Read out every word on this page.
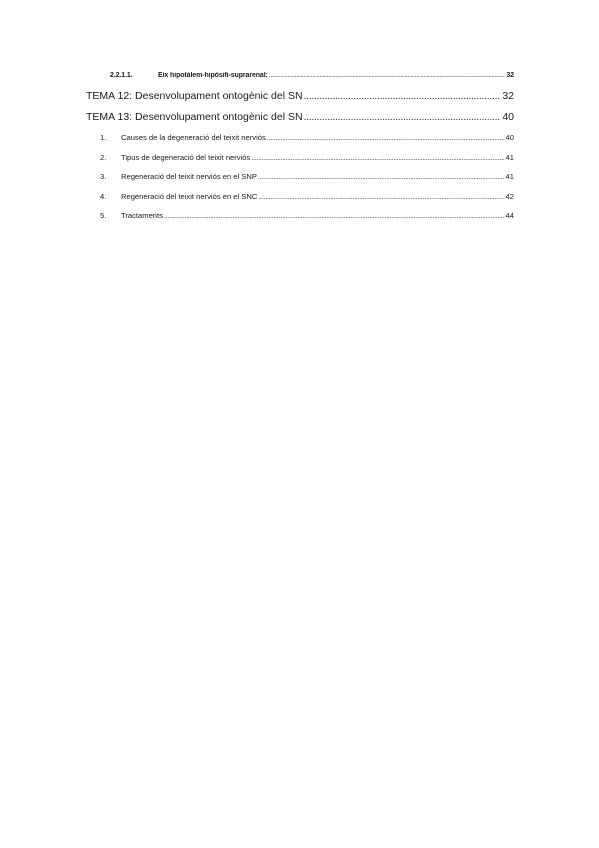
2.2.1.1.	Eix hipotàlem-hipòsifi-suprarenal: .....	32
TEMA 12: Desenvolupament ontogènic del SN .....	32
TEMA 13: Desenvolupament ontogènic del SN .....	40
1.	Causes de la degeneració del teixit nerviós .....	40
2.	Tipus de degeneració del teixit nerviós .....	41
3.	Regeneració del teixit nerviós en el SNP .....	41
4.	Regeneració del teixit nerviós en el SNC .....	42
5.	Tractaments .....	44
